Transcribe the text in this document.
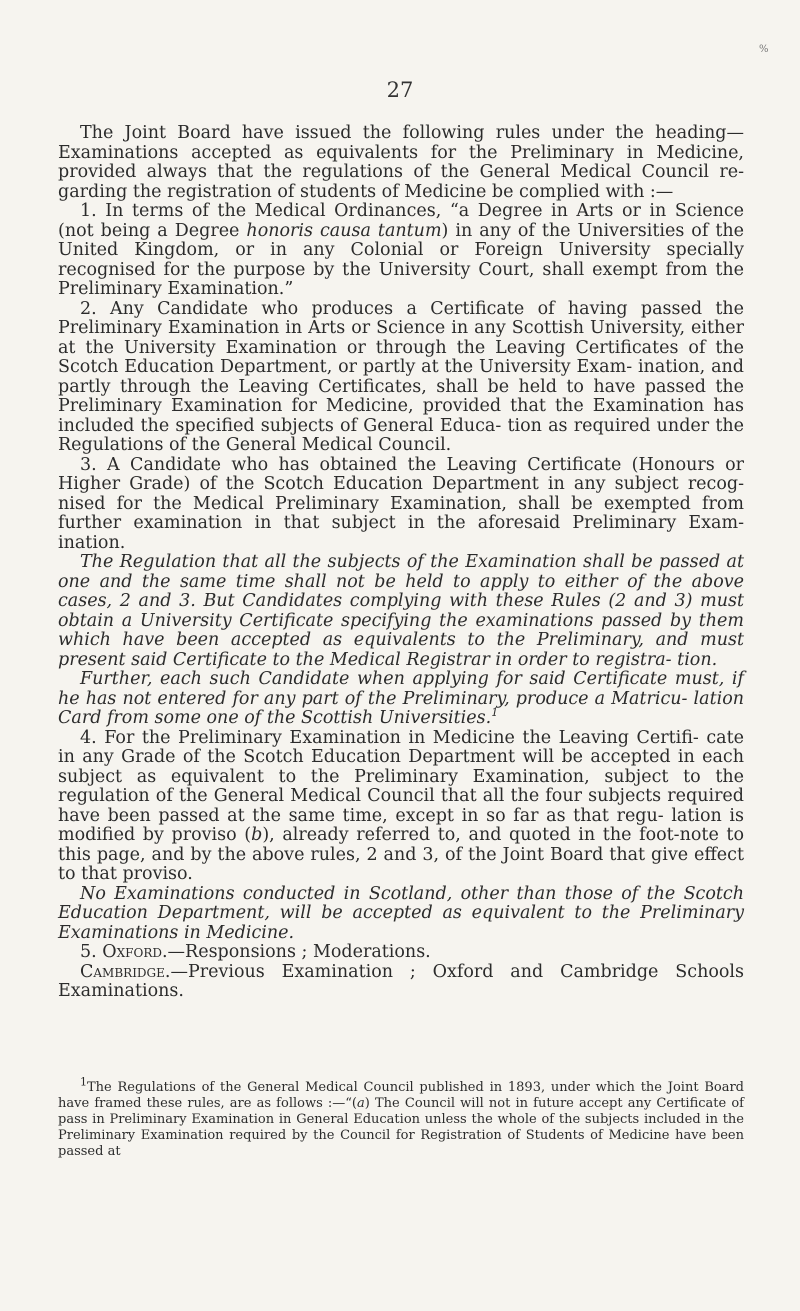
%
27

The Joint Board have issued the following rules under the heading— Examinations accepted as equivalents for the Preliminary in Medicine, provided always that the regulations of the General Medical Council re- garding the registration of students of Medicine be complied with :—

1. In terms of the Medical Ordinances, “a Degree in Arts or in Science (not being a Degree honoris causa tantum) in any of the Universities of the United Kingdom, or in any Colonial or Foreign University specially recognised for the purpose by the University Court, shall exempt from the Preliminary Examination.”

2. Any Candidate who produces a Certificate of having passed the Preliminary Examination in Arts or Science in any Scottish University, either at the University Examination or through the Leaving Certificates of the Scotch Education Department, or partly at the University Exam- ination, and partly through the Leaving Certificates, shall be held to have passed the Preliminary Examination for Medicine, provided that the Examination has included the specified subjects of General Educa- tion as required under the Regulations of the General Medical Council.

3. A Candidate who has obtained the Leaving Certificate (Honours or Higher Grade) of the Scotch Education Department in any subject recog- nised for the Medical Preliminary Examination, shall be exempted from further examination in that subject in the aforesaid Preliminary Exam- ination.

The Regulation that all the subjects of the Examination shall be passed at one and the same time shall not be held to apply to either of the above cases, 2 and 3. But Candidates complying with these Rules (2 and 3) must obtain a University Certificate specifying the examinations passed by them which have been accepted as equivalents to the Preliminary, and must present said Certificate to the Medical Registrar in order to registra- tion.

Further, each such Candidate when applying for said Certificate must, if he has not entered for any part of the Preliminary, produce a Matricu- lation Card from some one of the Scottish Universities.$^1$

4. For the Preliminary Examination in Medicine the Leaving Certifi- cate in any Grade of the Scotch Education Department will be accepted in each subject as equivalent to the Preliminary Examination, subject to the regulation of the General Medical Council that all the four subjects required have been passed at the same time, except in so far as that regu- lation is modified by proviso (b), already referred to, and quoted in the foot-note to this page, and by the above rules, 2 and 3, of the Joint Board that give effect to that proviso.

No Examinations conducted in Scotland, other than those of the Scotch Education Department, will be accepted as equivalent to the Preliminary Examinations in Medicine.

5. Oxford.—Responsions ; Moderations.

Cambridge.—Previous Examination ; Oxford and Cambridge Schools Examinations.

$^1$The Regulations of the General Medical Council published in 1893, under which the Joint Board have framed these rules, are as follows :—“(a) The Council will not in future accept any Certificate of pass in Preliminary Examination in General Education unless the whole of the subjects included in the Preliminary Examination required by the Council for Registration of Students of Medicine have been passed at
